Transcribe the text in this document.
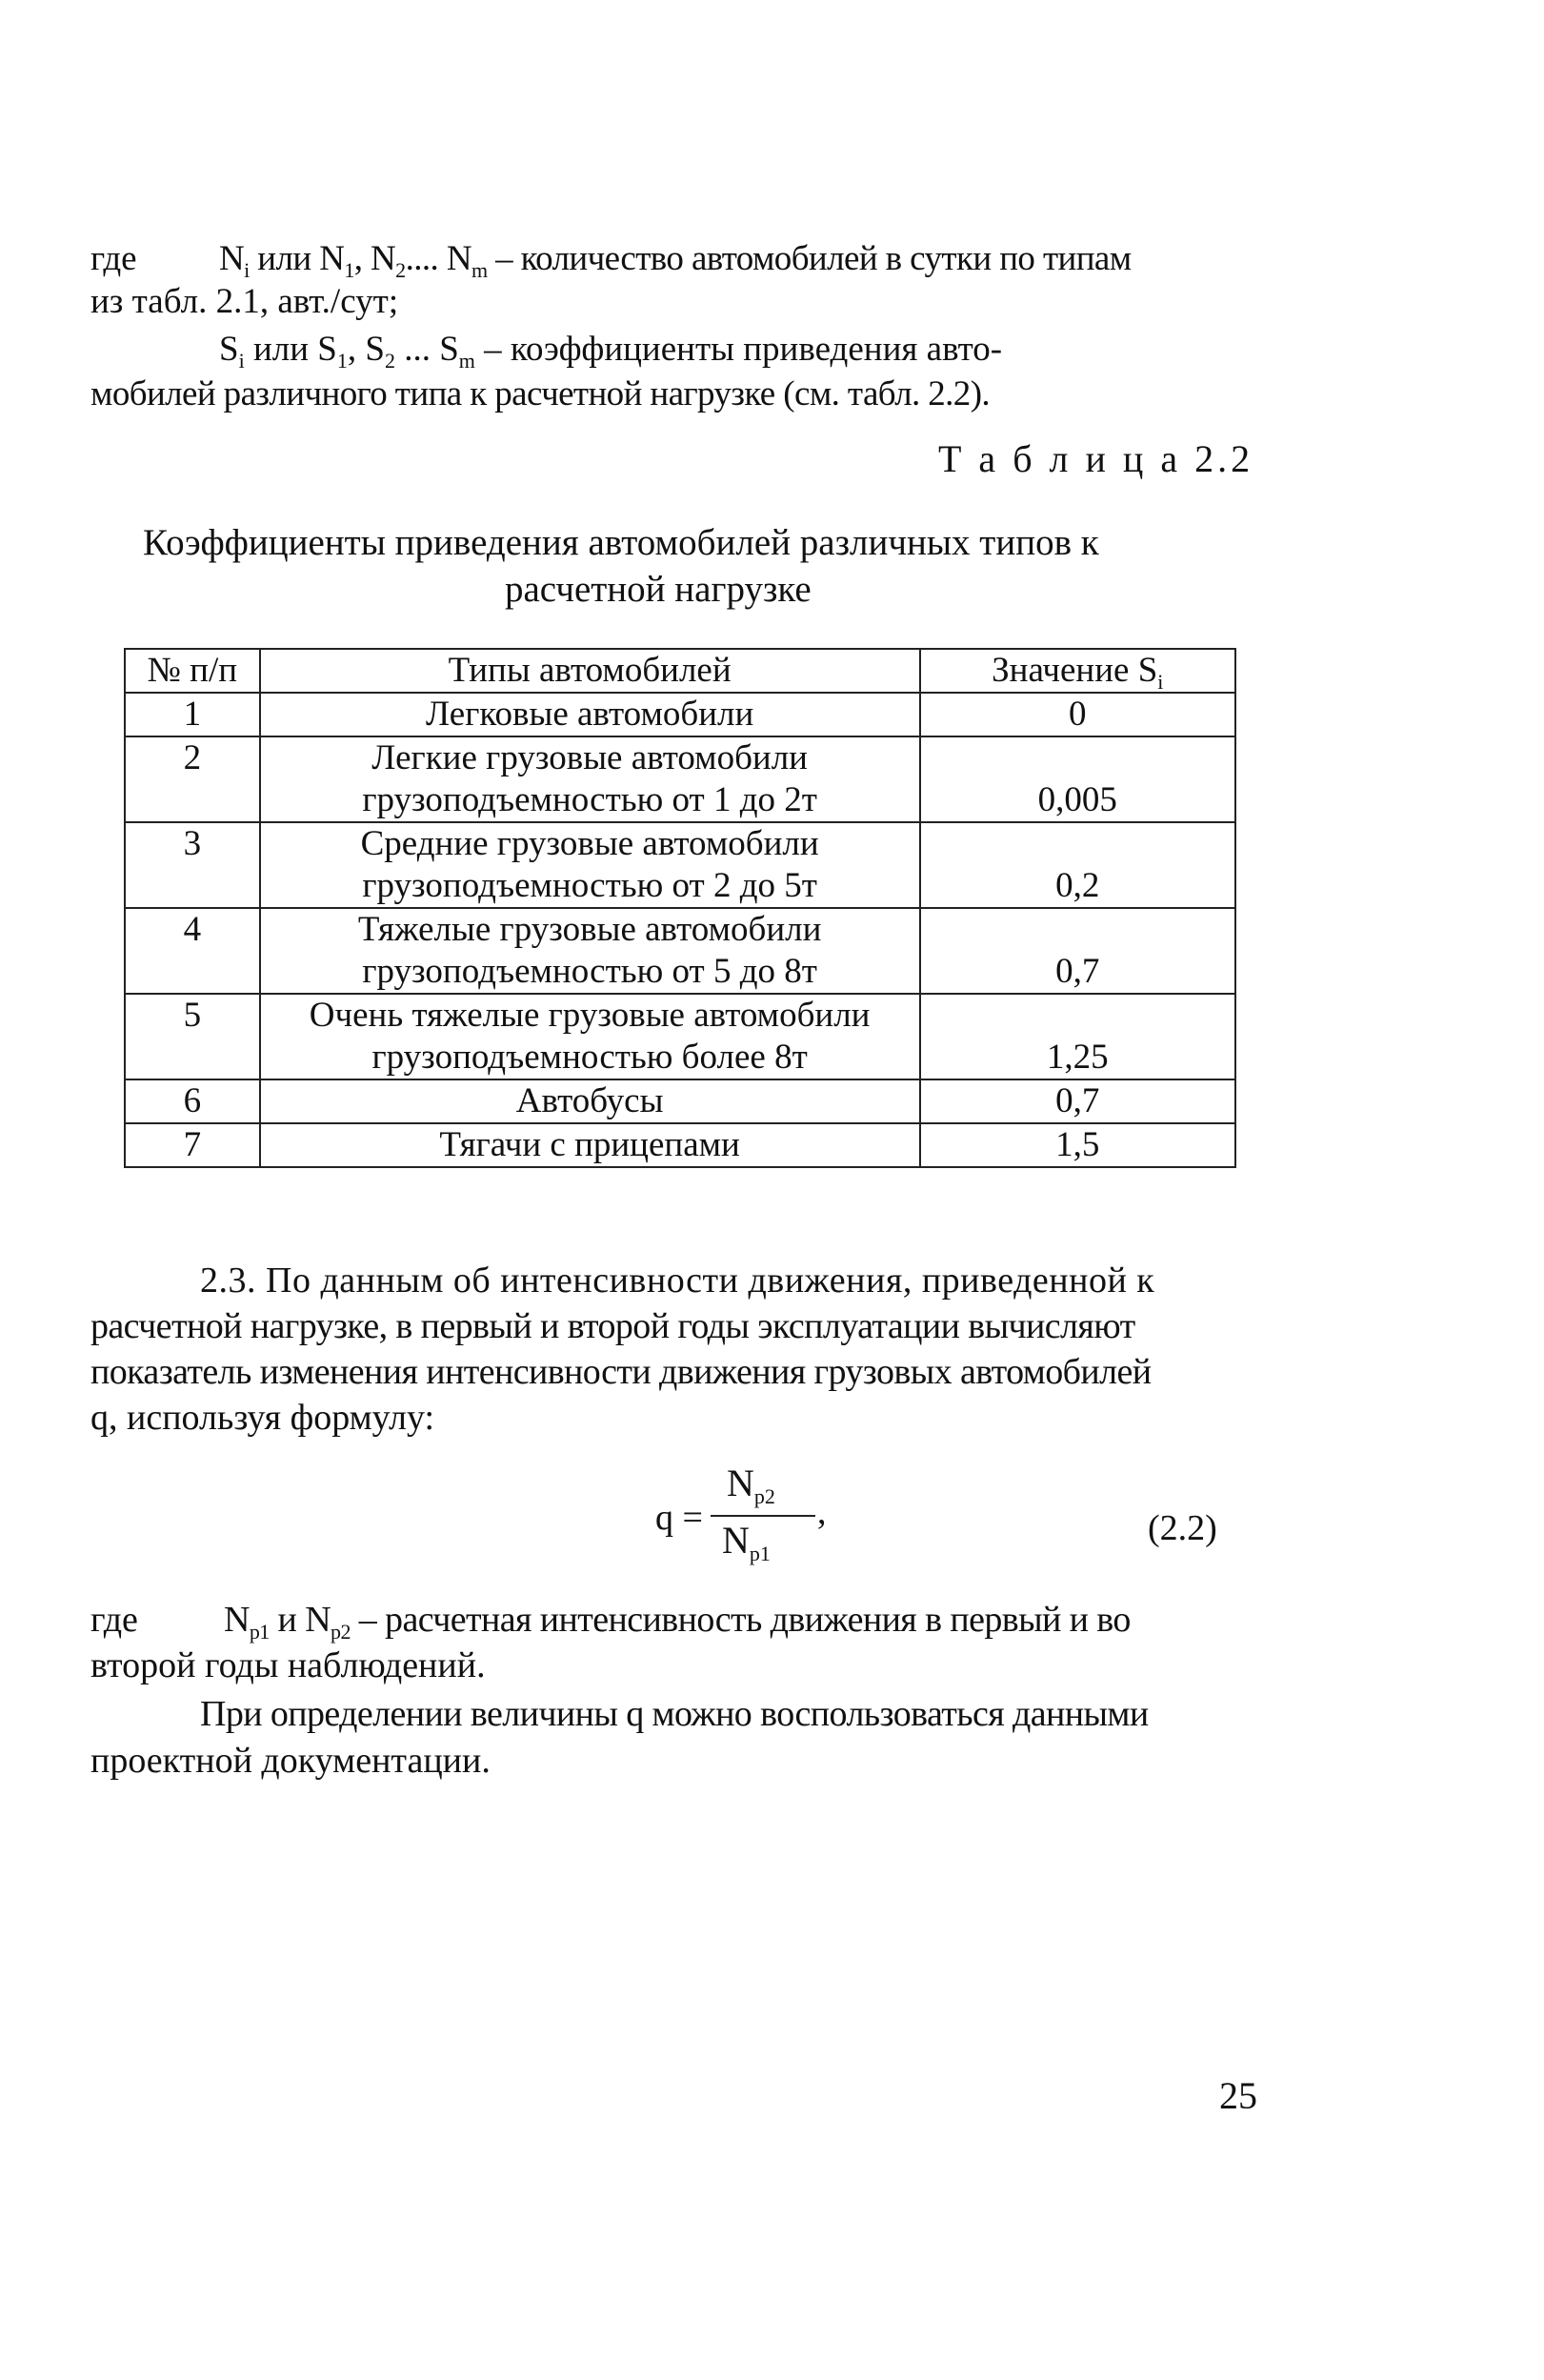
где $N_i$ или $N_1$, $N_2$.... $N_m$ – количество автомобилей в сутки по типам
из табл. 2.1, авт./сут;
$S_i$ или $S_1$, $S_2$ ... $S_m$ – коэффициенты приведения авто-
мобилей различного типа к расчетной нагрузке (см. табл. 2.2).
Т а б л и ц а 2.2
Коэффициенты приведения автомобилей различных типов к
расчетной нагрузке
№ п/п	Типы автомобилей	Значение $S_i$
1	Легковые автомобили	0
2	Легкие грузовые автомобили
грузоподъемностью от 1 до 2т	0,005
3	Средние грузовые автомобили
грузоподъемностью от 2 до 5т	0,2
4	Тяжелые грузовые автомобили
грузоподъемностью от 5 до 8т	0,7
5	Очень тяжелые грузовые автомобили
грузоподъемностью более 8т	1,25
6	Автобусы	0,7
7	Тягачи с прицепами	1,5
2.3. По данным об интенсивности движения, приведенной к
расчетной нагрузке, в первый и второй годы эксплуатации вычисляют
показатель изменения интенсивности движения грузовых автомобилей
q, используя формулу:
q =
$N_{p2}$
$N_{p1}$
,	(2.2)
где $N_{p1}$ и $N_{p2}$ – расчетная интенсивность движения в первый и во
второй годы наблюдений.
При определении величины q можно воспользоваться данными
проектной документации.
25
